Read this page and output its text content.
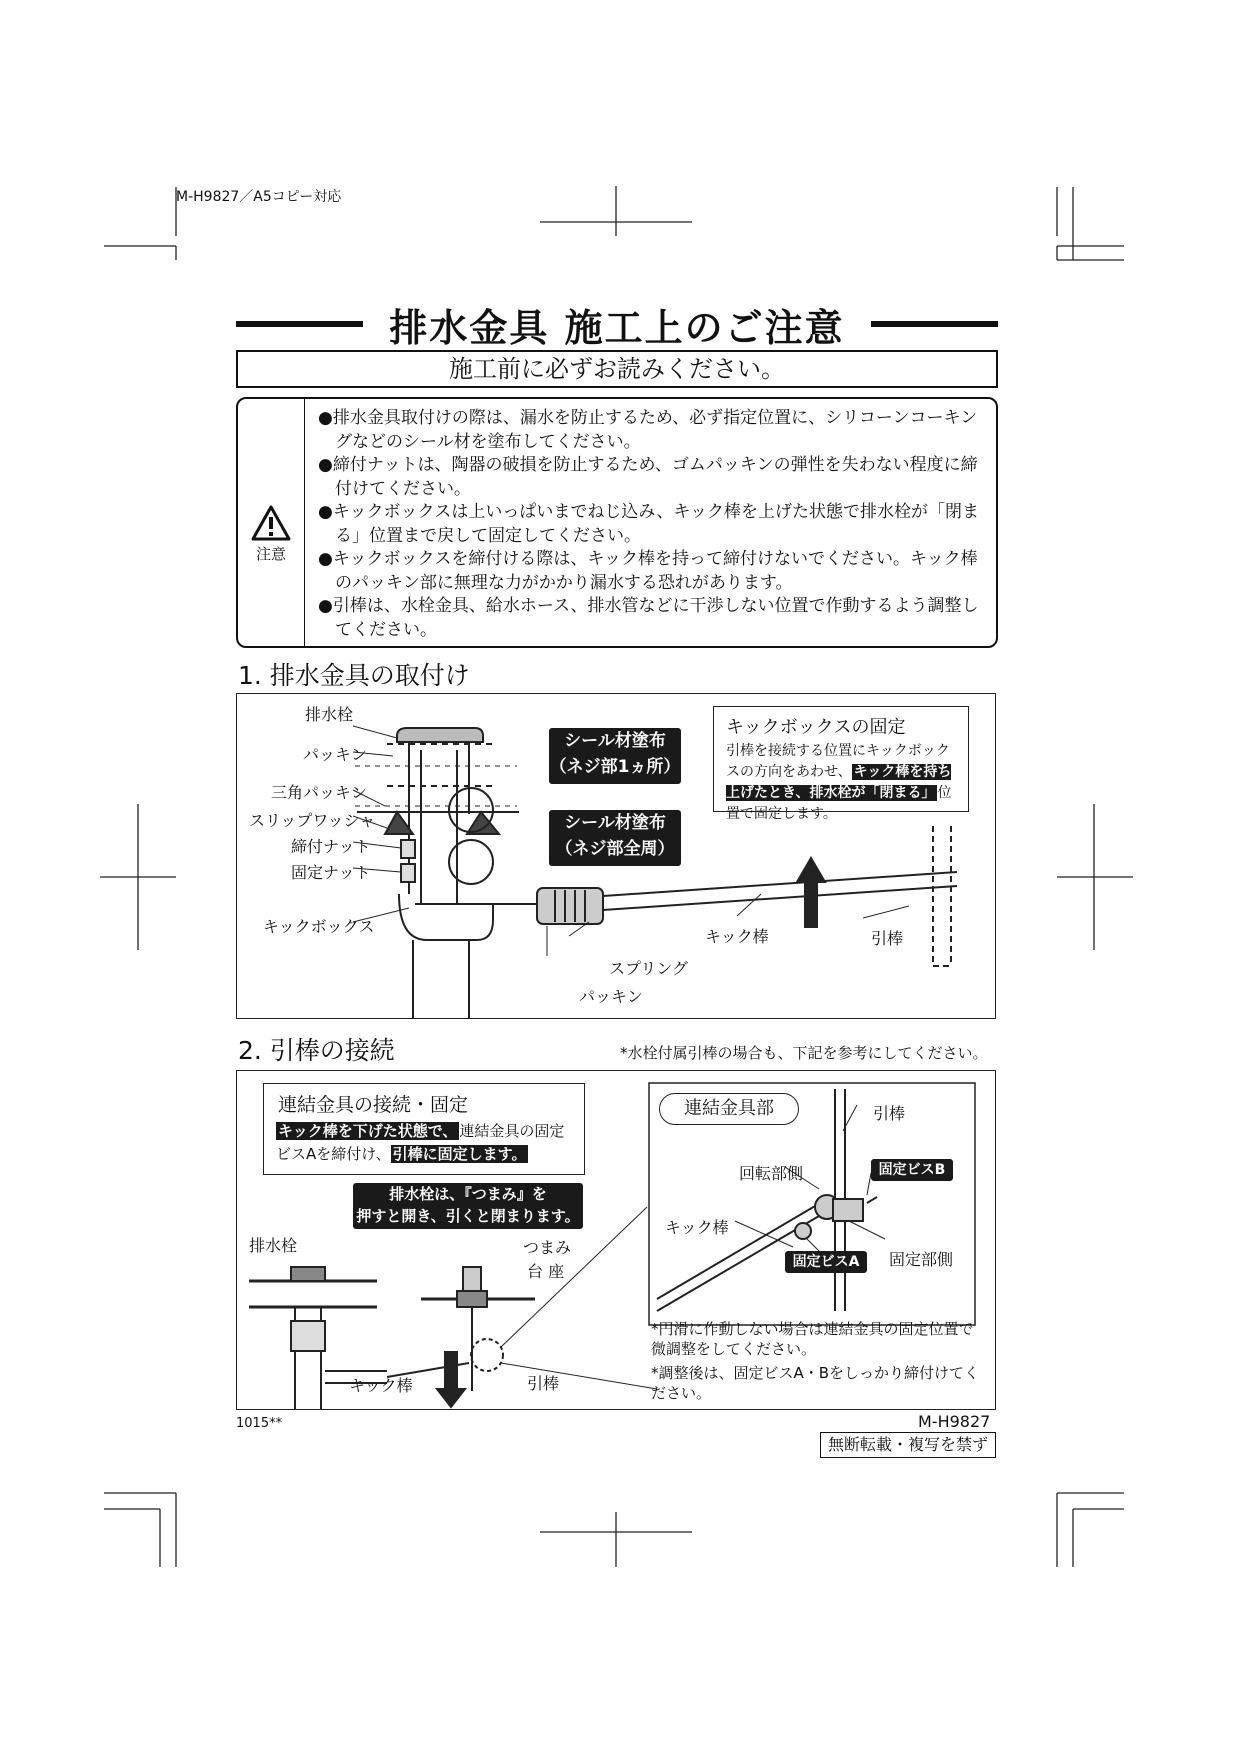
M-H9827／A5コピー対応
排水金具 施工上のご注意
施工前に必ずお読みください。
注意
● 排水金具取付けの際は、漏水を防止するため、必ず指定位置に、シリコーンコーキングなどのシール材を塗布してください。
● 締付ナットは、陶器の破損を防止するため、ゴムパッキンの弾性を失わない程度に締付けてください。
● キックボックスは上いっぱいまでねじ込み、キック棒を上げた状態で排水栓が「閉まる」位置まで戻して固定してください。
● キックボックスを締付ける際は、キック棒を持って締付けないでください。キック棒のパッキン部に無理な力がかかり漏水する恐れがあります。
● 引棒は、水栓金具、給水ホース、排水管などに干渉しない位置で作動するよう調整してください。
1. 排水金具の取付け
排水栓
パッキン
三角パッキン
スリップワッシャ
締付ナット
固定ナット
キックボックス
スプリング
パッキン
キック棒	引棒
シール材塗布
（ネジ部1ヵ所）
シール材塗布
（ネジ部全周）
キックボックスの固定
引棒を接続する位置にキックボックスの方向をあわせ、 キック棒を持ち上げたとき、排水栓が「閉まる」 位置で固定します。
2. 引棒の接続	*水栓付属引棒の場合も、下記を参考にしてください。
連結金具の接続・固定
キック棒を下げた状態で、 連結金具の固定ビスAを締付け、 引棒に固定します。
排水栓は、『つまみ』を
押すと開き、引くと閉まります。
排水栓	つまみ
台 座
キック棒	引棒
連結金具部	引棒
回転部側	固定ビスB
キック棒
固定部側
固定ビスA
*円滑に作動しない場合は連結金具の固定位置で微調整をしてください。
*調整後は、固定ビスA・Bをしっかり締付けてください。
1015**	M-H9827
無断転載・複写を禁ず
